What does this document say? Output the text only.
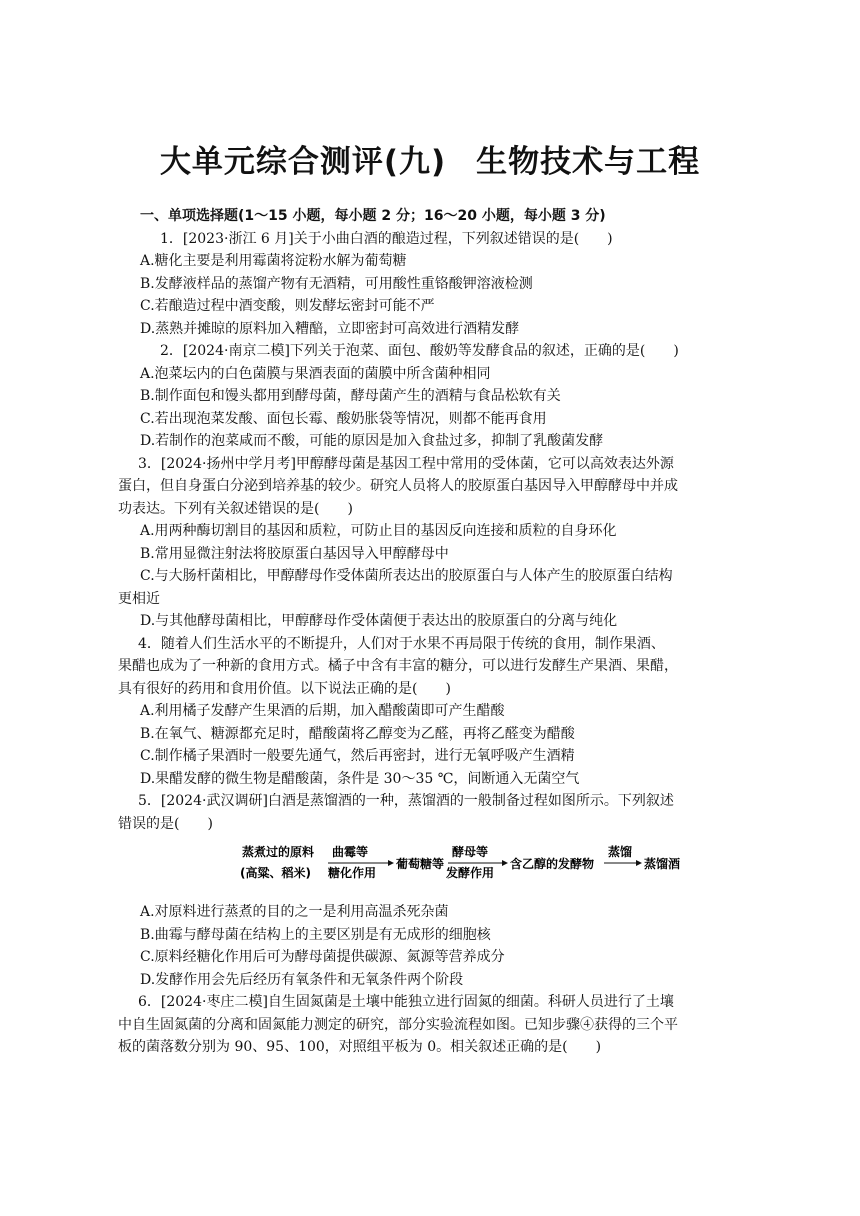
大单元综合测评(九) 生物技术与工程
一、单项选择题(1～15 小题，每小题 2 分；16～20 小题，每小题 3 分)
1．[2023·浙江 6 月]关于小曲白酒的酿造过程，下列叙述错误的是(　　)
A.糖化主要是利用霉菌将淀粉水解为葡萄糖
B.发酵液样品的蒸馏产物有无酒精，可用酸性重铬酸钾溶液检测
C.若酿造过程中酒变酸，则发酵坛密封可能不严
D.蒸熟并摊晾的原料加入糟醅，立即密封可高效进行酒精发酵
2．[2024·南京二模]下列关于泡菜、面包、酸奶等发酵食品的叙述，正确的是(　　)
A.泡菜坛内的白色菌膜与果酒表面的菌膜中所含菌种相同
B.制作面包和馒头都用到酵母菌，酵母菌产生的酒精与食品松软有关
C.若出现泡菜发酸、面包长霉、酸奶胀袋等情况，则都不能再食用
D.若制作的泡菜咸而不酸，可能的原因是加入食盐过多，抑制了乳酸菌发酵
3．[2024·扬州中学月考]甲醇酵母菌是基因工程中常用的受体菌，它可以高效表达外源
蛋白，但自身蛋白分泌到培养基的较少。研究人员将人的胶原蛋白基因导入甲醇酵母中并成
功表达。下列有关叙述错误的是(　　)
A.用两种酶切割目的基因和质粒，可防止目的基因反向连接和质粒的自身环化
B.常用显微注射法将胶原蛋白基因导入甲醇酵母中
C.与大肠杆菌相比，甲醇酵母作受体菌所表达出的胶原蛋白与人体产生的胶原蛋白结构
更相近
D.与其他酵母菌相比，甲醇酵母作受体菌便于表达出的胶原蛋白的分离与纯化
4．随着人们生活水平的不断提升，人们对于水果不再局限于传统的食用，制作果酒、
果醋也成为了一种新的食用方式。橘子中含有丰富的糖分，可以进行发酵生产果酒、果醋，
具有很好的药用和食用价值。以下说法正确的是(　　)
A.利用橘子发酵产生果酒的后期，加入醋酸菌即可产生醋酸
B.在氧气、糖源都充足时，醋酸菌将乙醇变为乙醛，再将乙醛变为醋酸
C.制作橘子果酒时一般要先通气，然后再密封，进行无氧呼吸产生酒精
D.果醋发酵的微生物是醋酸菌，条件是 30～35 ℃，间断通入无菌空气
5．[2024·武汉调研]白酒是蒸馏酒的一种，蒸馏酒的一般制备过程如图所示。下列叙述
错误的是(　　)
蒸煮过的原料
(高粱、稻米)
曲霉等
糖化作用
葡萄糖等
酵母等
发酵作用
含乙醇的发酵物
蒸馏
蒸馏酒
A.对原料进行蒸煮的目的之一是利用高温杀死杂菌
B.曲霉与酵母菌在结构上的主要区别是有无成形的细胞核
C.原料经糖化作用后可为酵母菌提供碳源、氮源等营养成分
D.发酵作用会先后经历有氧条件和无氧条件两个阶段
6．[2024·枣庄二模]自生固氮菌是土壤中能独立进行固氮的细菌。科研人员进行了土壤
中自生固氮菌的分离和固氮能力测定的研究，部分实验流程如图。已知步骤④获得的三个平
板的菌落数分别为 90、95、100，对照组平板为 0。相关叙述正确的是(　　)
